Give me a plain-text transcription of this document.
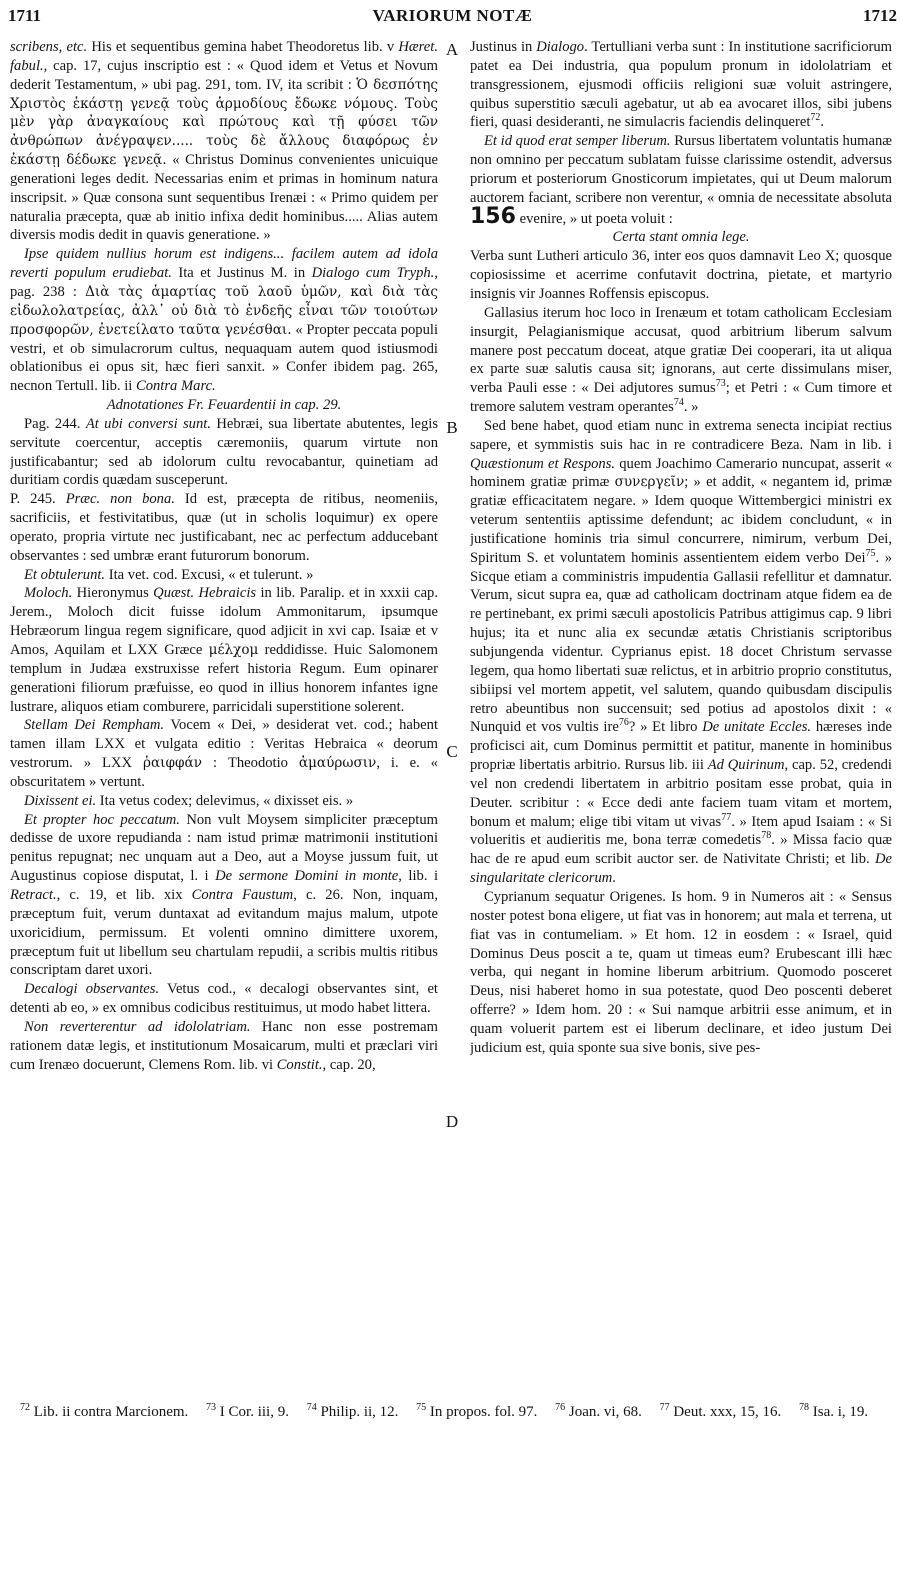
1711	VARIORUM NOTÆ	1712
A
B
C
D

scribens, etc. His et sequentibus gemina habet Theodoretus lib. v Hæret. fabul., cap. 17, cujus inscriptio est : « Quod idem et Vetus et Novum dederit Testamentum, » ubi pag. 291, tom. IV, ita scribit : Ὁ δεσπότης Χριστὸς ἑκάστῃ γενεᾷ τοὺς ἁρμοδίους ἔδωκε νόμους. Τοὺς μὲν γὰρ ἀναγκαίους καὶ πρώτους καὶ τῇ φύσει τῶν ἀνθρώπων ἀνέγραψεν..... τοὺς δὲ ἄλλους διαφόρως ἐν ἑκάστῃ δέδωκε γενεᾷ. « Christus Dominus convenientes unicuique generationi leges dedit. Necessarias enim et primas in hominum natura inscripsit. » Quæ consona sunt sequentibus Irenæi : « Primo quidem per naturalia præcepta, quæ ab initio infixa dedit hominibus..... Alias autem diversis modis dedit in quavis generatione. »

Ipse quidem nullius horum est indigens... facilem autem ad idola reverti populum erudiebat. Ita et Justinus M. in Dialogo cum Tryph., pag. 238 : Διὰ τὰς ἁμαρτίας τοῦ λαοῦ ὑμῶν, καὶ διὰ τὰς εἰδωλολατρείας, ἀλλ᾽ οὐ διὰ τὸ ἐνδεῆς εἶναι τῶν τοιούτων προσφορῶν, ἐνετείλατο ταῦτα γενέσθαι. « Propter peccata populi vestri, et ob simulacrorum cultus, nequaquam autem quod istiusmodi oblationibus ei opus sit, hæc fieri sanxit. » Confer ibidem pag. 265, necnon Tertull. lib. ii Contra Marc.

Adnotationes Fr. Feuardentii in cap. 29.

Pag. 244. At ubi conversi sunt. Hebræi, sua libertate abutentes, legis servitute coercentur, acceptis cæremoniis, quarum virtute non justificabantur; sed ab idolorum cultu revocabantur, quinetiam ad duritiam cordis quædam susceperunt.

P. 245. Præc. non bona. Id est, præcepta de ritibus, neomeniis, sacrificiis, et festivitatibus, quæ (ut in scholis loquimur) ex opere operato, propria virtute nec justificabant, nec ac perfectum adducebant observantes : sed umbræ erant futurorum bonorum.

Et obtulerunt. Ita vet. cod. Excusi, « et tulerunt. »

Moloch. Hieronymus Quæst. Hebraicis in lib. Paralip. et in xxxii cap. Jerem., Moloch dicit fuisse idolum Ammonitarum, ipsumque Hebræorum lingua regem significare, quod adjicit in xvi cap. Isaiæ et v Amos, Aquilam et LXX Græce μέλχομ reddidisse. Huic Salomonem templum in Judæa exstruxisse refert historia Regum. Eum opinarer generationi filiorum præfuisse, eo quod in illius honorem infantes igne lustrare, aliquos etiam comburere, parricidali superstitione solerent.

Stellam Dei Rempham. Vocem « Dei, » desiderat vet. cod.; habent tamen illam LXX et vulgata editio : Veritas Hebraica « deorum vestrorum. » LXX ῥαιφφάν : Theodotio ἀμαύρωσιν, i. e. « obscuritatem » vertunt.

Dixissent ei. Ita vetus codex; delevimus, « dixisset eis. »

Et propter hoc peccatum. Non vult Moysem simpliciter præceptum dedisse de uxore repudianda : nam istud primæ matrimonii institutioni penitus repugnat; nec unquam aut a Deo, aut a Moyse jussum fuit, ut Augustinus copiose disputat, l. i De sermone Domini in monte, lib. i Retract., c. 19, et lib. xix Contra Faustum, c. 26. Non, inquam, præceptum fuit, verum duntaxat ad evitandum majus malum, utpote uxoricidium, permissum. Et volenti omnino dimittere uxorem, præceptum fuit ut libellum seu chartulam repudii, a scribis multis ritibus conscriptam daret uxori.

Decalogi observantes. Vetus cod., « decalogi observantes sint, et detenti ab eo, » ex omnibus codicibus restituimus, ut modo habet littera.

Non reverterentur ad idololatriam. Hanc non esse postremam rationem datæ legis, et institutionum Mosaicarum, multi et præclari viri cum Irenæo docuerunt, Clemens Rom. lib. vi Constit., cap. 20,

Justinus in Dialogo. Tertulliani verba sunt : In institutione sacrificiorum patet ea Dei industria, qua populum pronum in idololatriam et transgressionem, ejusmodi officiis religioni suæ voluit astringere, quibus superstitio sæculi agebatur, ut ab ea avocaret illos, sibi jubens fieri, quasi desideranti, ne simulacris faciendis delinqueret$^{72}$.

Et id quod erat semper liberum. Rursus libertatem voluntatis humanæ non omnino per peccatum sublatam fuisse clarissime ostendit, adversus priorum et posteriorum Gnosticorum impietates, qui ut Deum malorum auctorem faciant, scribere non verentur, « omnia de necessitate absoluta 156 evenire, » ut poeta voluit :

Certa stant omnia lege.

Verba sunt Lutheri articulo 36, inter eos quos damnavit Leo X; quosque copiosissime et acerrime confutavit doctrina, pietate, et martyrio insignis vir Joannes Roffensis episcopus.

Gallasius iterum hoc loco in Irenæum et totam catholicam Ecclesiam insurgit, Pelagianismique accusat, quod arbitrium liberum salvum manere post peccatum doceat, atque gratiæ Dei cooperari, ita ut aliqua ex parte suæ salutis causa sit; ignorans, aut certe dissimulans miser, verba Pauli esse : « Dei adjutores sumus$^{73}$; et Petri : « Cum timore et tremore salutem vestram operantes$^{74}$. »

Sed bene habet, quod etiam nunc in extrema senecta incipiat rectius sapere, et symmistis suis hac in re contradicere Beza. Nam in lib. i Quæstionum et Respons. quem Joachimo Camerario nuncupat, asserit « hominem gratiæ primæ συνεργεῖν; » et addit, « negantem id, primæ gratiæ efficacitatem negare. » Idem quoque Wittembergici ministri ex veterum sententiis aptissime defendunt; ac ibidem concludunt, « in justificatione hominis tria simul concurrere, nimirum, verbum Dei, Spiritum S. et voluntatem hominis assentientem eidem verbo Dei$^{75}$. » Sicque etiam a comministris impudentia Gallasii refellitur et damnatur. Verum, sicut supra ea, quæ ad catholicam doctrinam atque fidem ea de re pertinebant, ex primi sæculi apostolicis Patribus attigimus cap. 9 libri hujus; ita et nunc alia ex secundæ ætatis Christianis scriptoribus subjungenda videntur. Cyprianus epist. 18 docet Christum servasse legem, qua homo libertati suæ relictus, et in arbitrio proprio constitutus, sibiipsi vel mortem appetit, vel salutem, quando quibusdam discipulis retro abeuntibus non succensuit; sed potius ad apostolos dixit : « Nunquid et vos vultis ire$^{76}$? » Et libro De unitate Eccles. hæreses inde proficisci ait, cum Dominus permittit et patitur, manente in hominibus propriæ libertatis arbitrio. Rursus lib. iii Ad Quirinum, cap. 52, credendi vel non credendi libertatem in arbitrio positam esse probat, quia in Deuter. scribitur : « Ecce dedi ante faciem tuam vitam et mortem, bonum et malum; elige tibi vitam ut vivas$^{77}$. » Item apud Isaiam : « Si volueritis et audieritis me, bona terræ comedetis$^{78}$. » Missa facio quæ hac de re apud eum scribit auctor ser. de Nativitate Christi; et lib. De singularitate clericorum.

Cyprianum sequatur Origenes. Is hom. 9 in Numeros ait : « Sensus noster potest bona eligere, ut fiat vas in honorem; aut mala et terrena, ut fiat vas in contumeliam. » Et hom. 12 in eosdem : « Israel, quid Dominus Deus poscit a te, quam ut timeas eum? Erubescant illi hæc verba, qui negant in homine liberum arbitrium. Quomodo posceret Deus, nisi haberet homo in sua potestate, quod Deo poscenti deberet offerre? » Idem hom. 20 : « Sui namque arbitrii esse animum, et in quam voluerit partem est ei liberum declinare, et ideo justum Dei judicium est, quia sponte sua sive bonis, sive pes-

$^{72}$ Lib. ii contra Marcionem. $^{73}$ I Cor. iii, 9. $^{74}$ Philip. ii, 12. $^{75}$ In propos. fol. 97. $^{76}$ Joan. vi, 68. $^{77}$ Deut. xxx, 15, 16. $^{78}$ Isa. i, 19.
